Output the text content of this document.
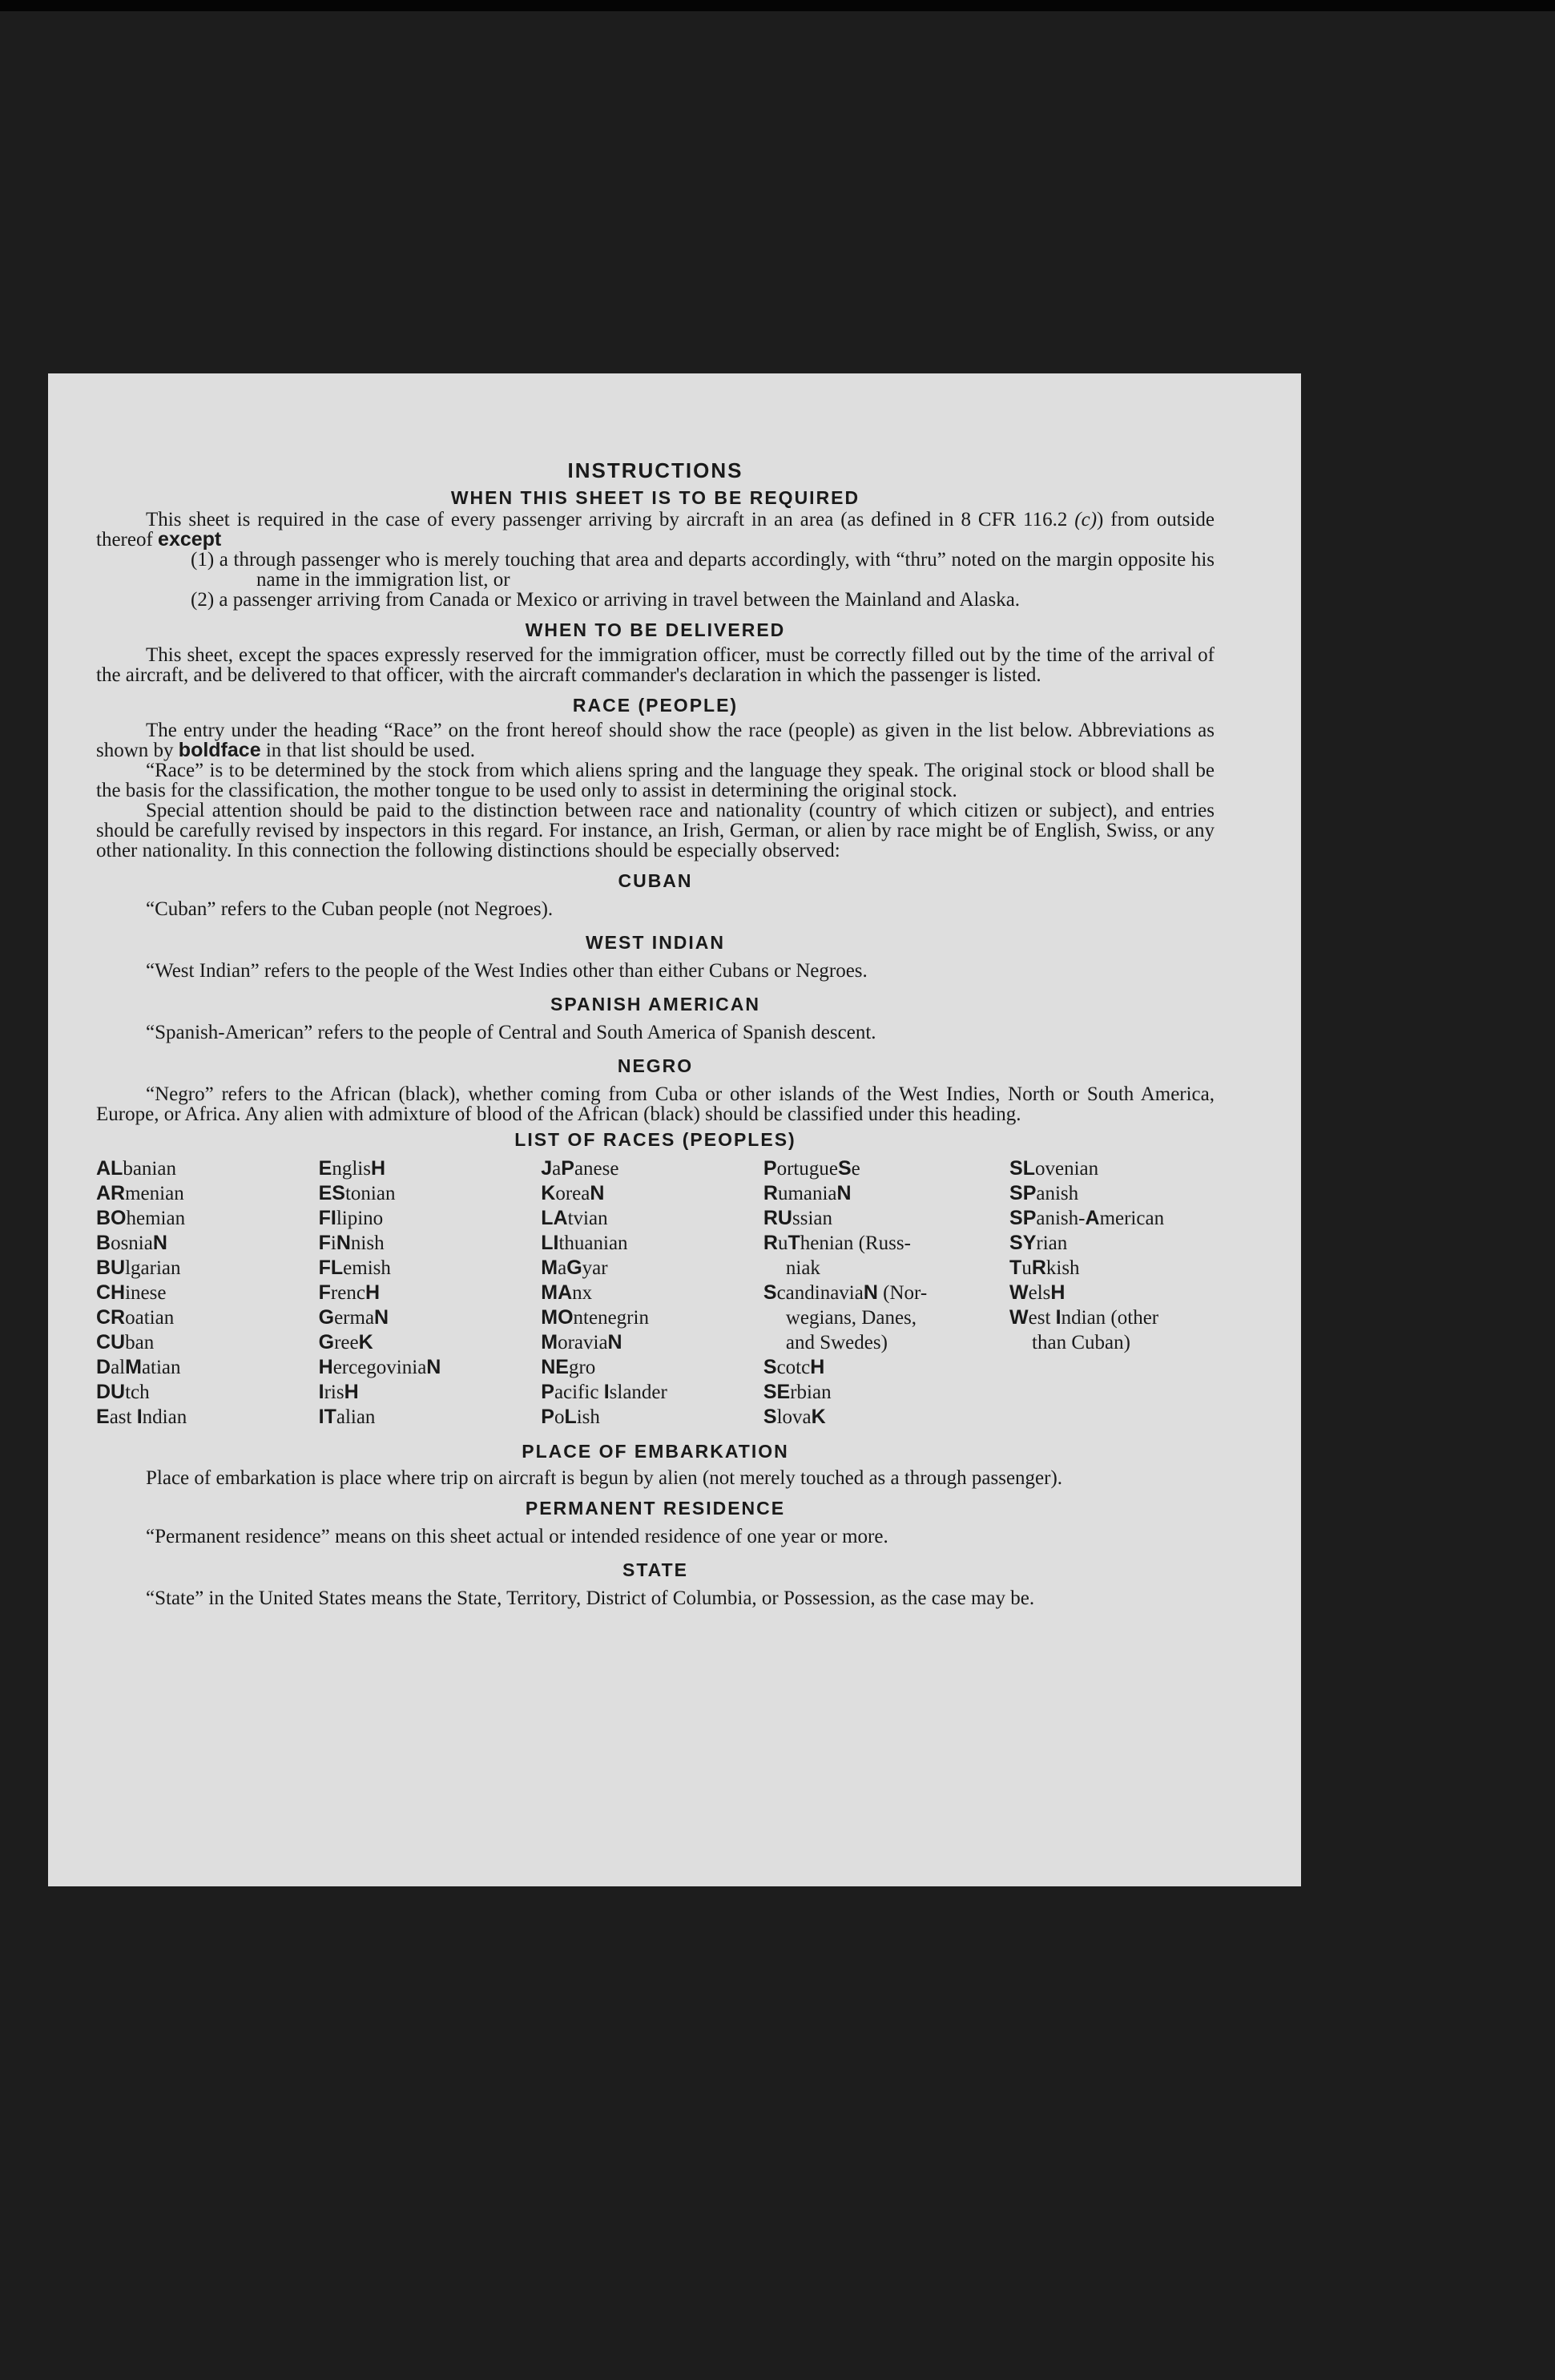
INSTRUCTIONS
WHEN THIS SHEET IS TO BE REQUIRED

This sheet is required in the case of every passenger arriving by aircraft in an area (as defined in 8 CFR 116.2 (c)) from outside thereof except

(1) a through passenger who is merely touching that area and departs accordingly, with “thru” noted on the margin opposite his name in the immigration list, or

(2) a passenger arriving from Canada or Mexico or arriving in travel between the Mainland and Alaska.

WHEN TO BE DELIVERED

This sheet, except the spaces expressly reserved for the immigration officer, must be correctly filled out by the time of the arrival of the aircraft, and be delivered to that officer, with the aircraft commander's declaration in which the passenger is listed.

RACE (PEOPLE)

The entry under the heading “Race” on the front hereof should show the race (people) as given in the list below. Abbreviations as shown by boldface in that list should be used.

“Race” is to be determined by the stock from which aliens spring and the language they speak. The original stock or blood shall be the basis for the classification, the mother tongue to be used only to assist in determining the original stock.

Special attention should be paid to the distinction between race and nationality (country of which citizen or subject), and entries should be carefully revised by inspectors in this regard. For instance, an Irish, German, or alien by race might be of English, Swiss, or any other nationality. In this connection the following distinctions should be especially observed:

CUBAN

“Cuban” refers to the Cuban people (not Negroes).

WEST INDIAN

“West Indian” refers to the people of the West Indies other than either Cubans or Negroes.

SPANISH AMERICAN

“Spanish-American” refers to the people of Central and South America of Spanish descent.

NEGRO

“Negro” refers to the African (black), whether coming from Cuba or other islands of the West Indies, North or South America, Europe, or Africa. Any alien with admixture of blood of the African (black) should be classified under this heading.

LIST OF RACES (PEOPLES)
ALbanian
ARmenian
BOhemian
BosniaN
BUlgarian
CHinese
CRoatian
CUban
DalMatian
DUtch
East Indian
EnglisH
EStonian
FIlipino
FiNnish
FLemish
FrencH
GermaN
GreeK
HercegoviniaN
IrisH
ITalian
JaPanese
KoreaN
LAtvian
LIthuanian
MaGyar
MAnx
MOntenegrin
MoraviaN
NEgro
Pacific Islander
PoLish
PortugueSe
RumaniaN
RUssian
RuThenian (Russ-
niak
ScandinaviaN (Nor-
wegians, Danes,
and Swedes)
ScotcH
SErbian
SlovaK
SLovenian
SPanish
SPanish-American
SYrian
TuRkish
WelsH
West Indian (other
than Cuban)
PLACE OF EMBARKATION

Place of embarkation is place where trip on aircraft is begun by alien (not merely touched as a through passenger).

PERMANENT RESIDENCE

“Permanent residence” means on this sheet actual or intended residence of one year or more.

STATE

“State” in the United States means the State, Territory, District of Columbia, or Possession, as the case may be.
